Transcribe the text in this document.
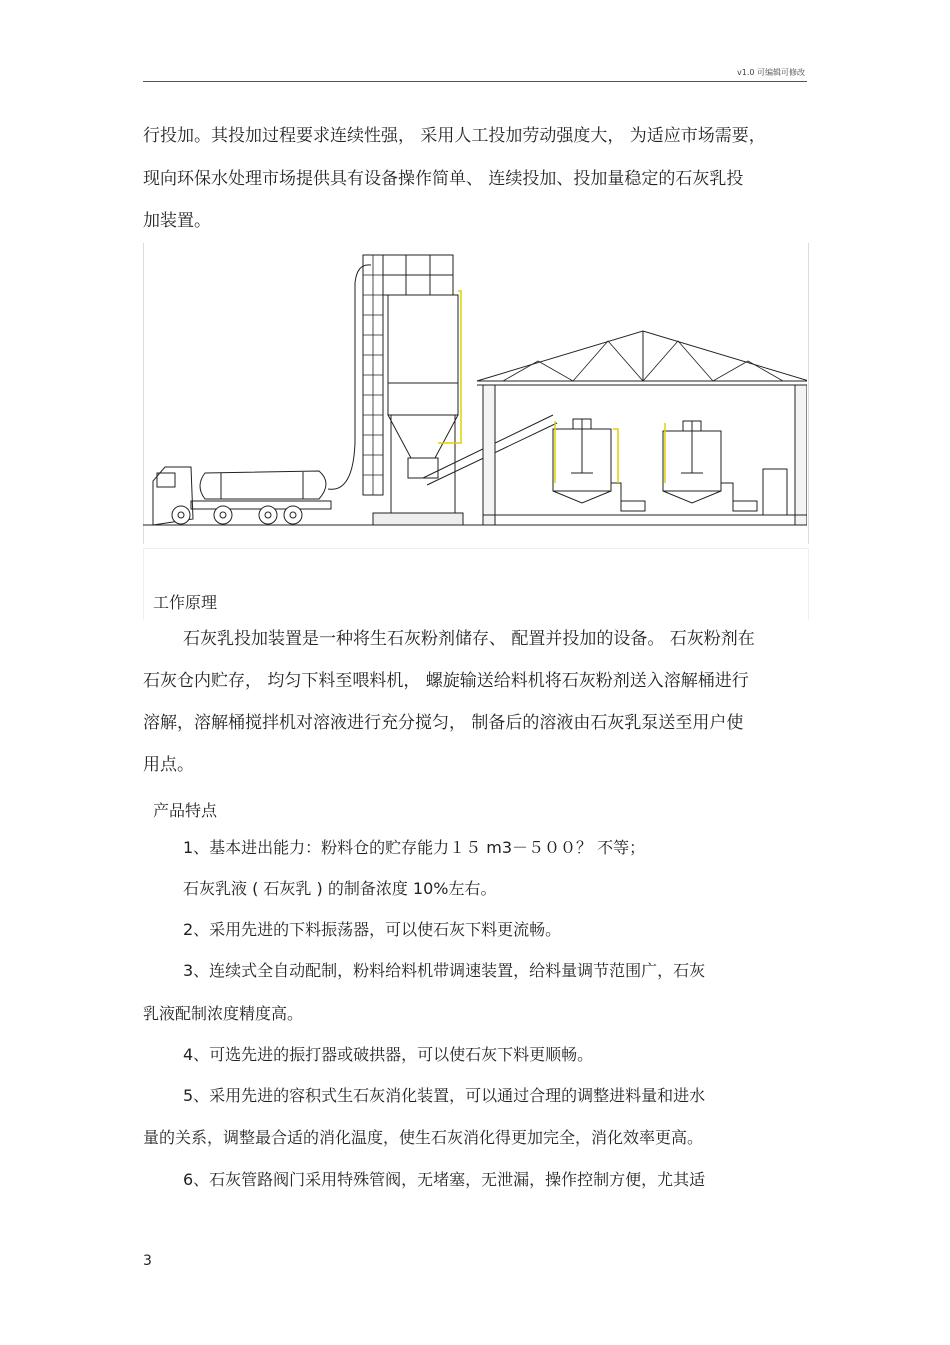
v1.0 可编辑可修改
行投加。其投加过程要求连续性强， 采用人工投加劳动强度大， 为适应市场需要，
现向环保水处理市场提供具有设备操作简单、 连续投加、投加量稳定的石灰乳投
加装置。
工作原理
石灰乳投加装置是一种将生石灰粉剂储存、 配置并投加的设备。 石灰粉剂在
石灰仓内贮存， 均匀下料至喂料机， 螺旋输送给料机将石灰粉剂送入溶解桶进行
溶解，溶解桶搅拌机对溶液进行充分搅匀， 制备后的溶液由石灰乳泵送至用户使
用点。
产品特点
1、基本进出能力：粉料仓的贮存能力１５ m3－５００？ 不等；
石灰乳液 ( 石灰乳 ) 的制备浓度 10%左右。
2、采用先进的下料振荡器，可以使石灰下料更流畅。
3、连续式全自动配制，粉料给料机带调速装置，给料量调节范围广，石灰
乳液配制浓度精度高。
4、可选先进的振打器或破拱器，可以使石灰下料更顺畅。
5、采用先进的容积式生石灰消化装置，可以通过合理的调整进料量和进水
量的关系，调整最合适的消化温度，使生石灰消化得更加完全，消化效率更高。
6、石灰管路阀门采用特殊管阀，无堵塞，无泄漏，操作控制方便，尤其适
3
